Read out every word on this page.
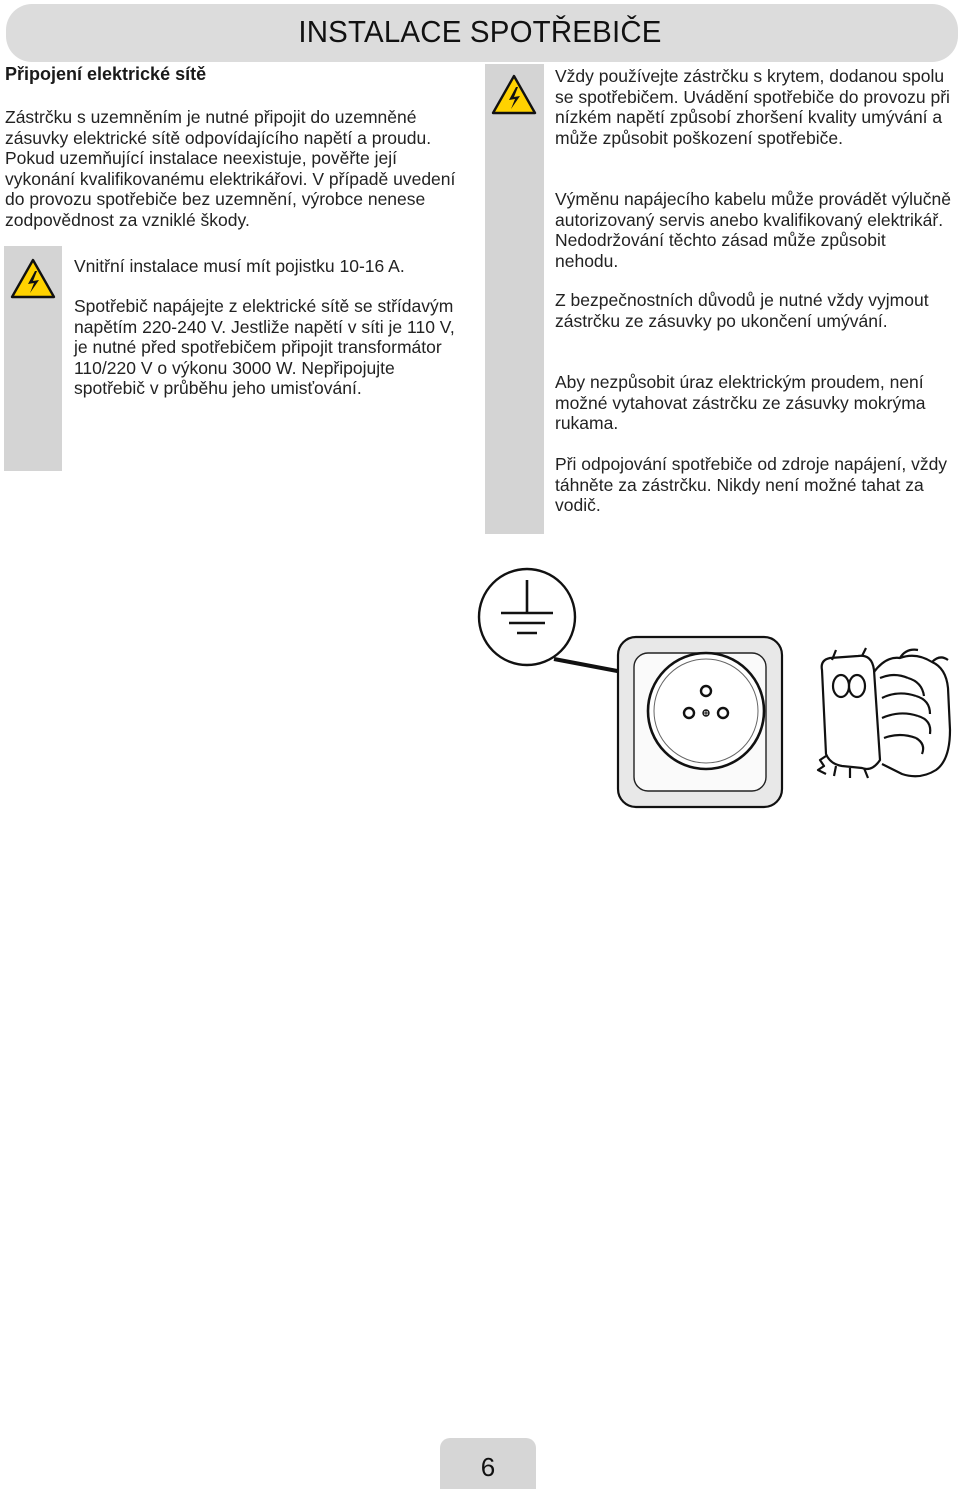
INSTALACE SPOTŘEBIČE
Připojení elektrické sítě

Zástrčku s uzemněním je nutné připojit do uzemněné zásuvky elektrické sítě odpovídajícího napětí a proudu. Pokud uzemňující instalace neexistuje, pověřte její vykonání kvalifikovanému elektrikářovi. V případě uvedení do provozu spotřebiče bez uzemnění, výrobce nenese zodpovědnost za vzniklé škody.

Vnitřní instalace musí mít pojistku 10-16 A.

Spotřebič napájejte z elektrické sítě se střídavým napětím 220-240 V. Jestliže napětí v síti je 110 V, je nutné před spotřebičem připojit transformátor 110/220 V o výkonu 3000 W. Nepřipojujte spotřebič v průběhu jeho umisťování.

Vždy používejte zástrčku s krytem, dodanou spolu se spotřebičem. Uvádění spotřebiče do provozu při nízkém napětí způsobí zhoršení kvality umývání a může způsobit poškození spotřebiče.

Výměnu napájecího kabelu může provádět výlučně autorizovaný servis anebo kvalifikovaný elektrikář. Nedodržování těchto zásad může způsobit nehodu.

Z bezpečnostních důvodů je nutné vždy vyjmout zástrčku ze zásuvky po ukončení umývání.

Aby nezpůsobit úraz elektrickým proudem, není možné vytahovat zástrčku ze zásuvky mokrýma rukama.

Při odpojování spotřebiče od zdroje napájení, vždy táhněte za zástrčku. Nikdy není možné tahat za vodič.

6
